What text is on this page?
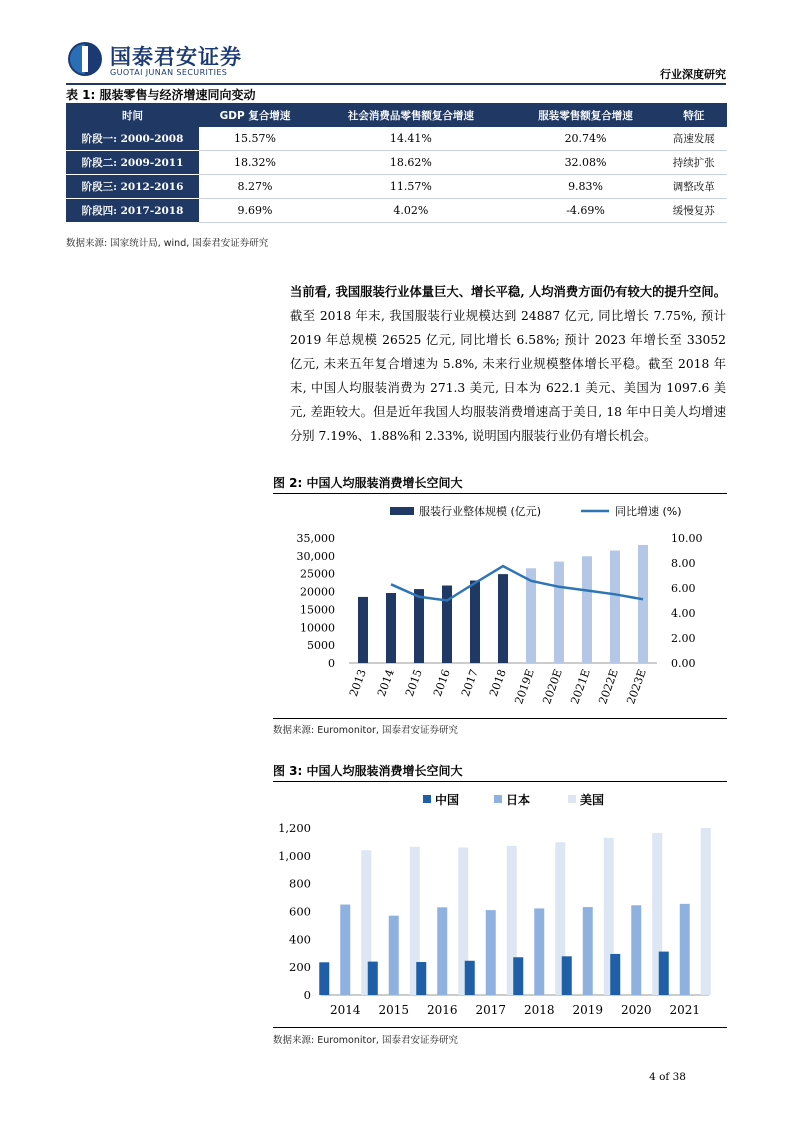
国泰君安证券
GUOTAI JUNAN SECURITIES	行业深度研究
表 1: 服装零售与经济增速同向变动
时间	GDP 复合增速	社会消费品零售额复合增速	服装零售额复合增速	特征
阶段一: 2000-2008	15.57%	14.41%	20.74%	高速发展
阶段二: 2009-2011	18.32%	18.62%	32.08%	持续扩张
阶段三: 2012-2016	8.27%	11.57%	9.83%	调整改革
阶段四: 2017-2018	9.69%	4.02%	-4.69%	缓慢复苏
数据来源: 国家统计局, wind, 国泰君安证券研究
当前看, 我国服装行业体量巨大、增长平稳, 人均消费方面仍有较大的提升空间。截至 2018 年末, 我国服装行业规模达到 24887 亿元, 同比增长 7.75%, 预计 2019 年总规模 26525 亿元, 同比增长 6.58%; 预计 2023 年增长至 33052 亿元, 未来五年复合增速为 5.8%, 未来行业规模整体增长平稳。截至 2018 年末, 中国人均服装消费为 271.3 美元, 日本为 622.1 美元、美国为 1097.6 美元, 差距较大。但是近年我国人均服装消费增速高于美日, 18 年中日美人均增速分别 7.19%、1.88%和 2.33%, 说明国内服装行业仍有增长机会。
图 2: 中国人均服装消费增长空间大
服装行业整体规模 (亿元)	同比增速 (%)
0
5000
10000
15000
20000
25000
30,000
35,000
0.00
2.00
4.00
6.00
8.00
10.00
2013 2014 2015 2016 2017 2018 2019E 2020E 2021E 2022E 2023E
数据来源: Euromonitor, 国泰君安证券研究
图 3: 中国人均服装消费增长空间大
中国	日本	美国
0
200
400
600
800
1,000
1,200
2014 2015 2016 2017 2018 2019 2020 2021
数据来源: Euromonitor, 国泰君安证券研究
4 of 38
